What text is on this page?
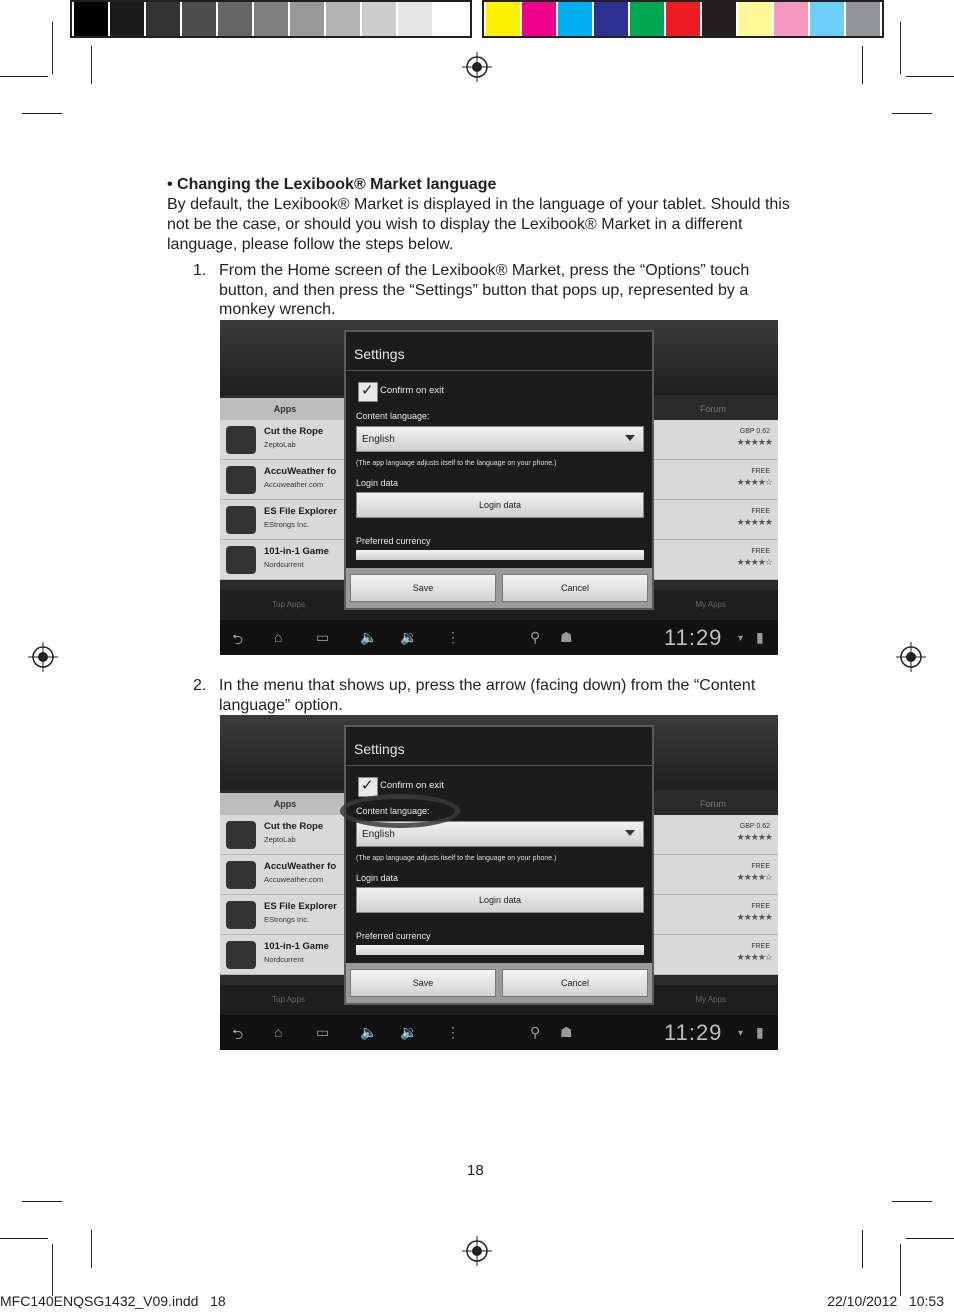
• Changing the Lexibook® Market language
By default, the Lexibook® Market is displayed in the language of your tablet. Should this not be the case, or should you wish to display the Lexibook® Market in a different language, please follow the steps below.
1. From the Home screen of the Lexibook® Market, press the “Options” touch button, and then press the “Settings” button that pops up, represented by a monkey wrench.
Apps	Forum
Cut the Rope
ZeptoLab
GBP 0.62
★★★★★
AccuWeather fo
Accuweather.com
FREE
★★★★☆
ES File Explorer
EStrongs Inc.
FREE
★★★★★
101-in-1 Game
Nordcurrent
FREE
★★★★☆
Top Apps	My Apps
⮌ ⌂ ▭ 🔈 🔉 ⋮	⚲ ☗	11:29 ▾ ▮
Settings
✓
Confirm on exit
Content language:
English
(The app language adjusts itself to the language on your phone.)
Login data
Login data
Preferred currency
Save	Cancel
2. In the menu that shows up, press the arrow (facing down) from the “Content language” option.
Apps	Forum
Cut the Rope
ZeptoLab
GBP 0.62
★★★★★
AccuWeather fo
Accuweather.com
FREE
★★★★☆
ES File Explorer
EStrongs Inc.
FREE
★★★★★
101-in-1 Game
Nordcurrent
FREE
★★★★☆
Top Apps	My Apps
⮌ ⌂ ▭ 🔈 🔉 ⋮	⚲ ☗	11:29 ▾ ▮
Settings
✓
Confirm on exit
Content language:
English
(The app language adjusts itself to the language on your phone.)
Login data
Login data
Preferred currency
Save	Cancel
18
MFC140ENQSG1432_V09.indd   18	22/10/2012   10:53
